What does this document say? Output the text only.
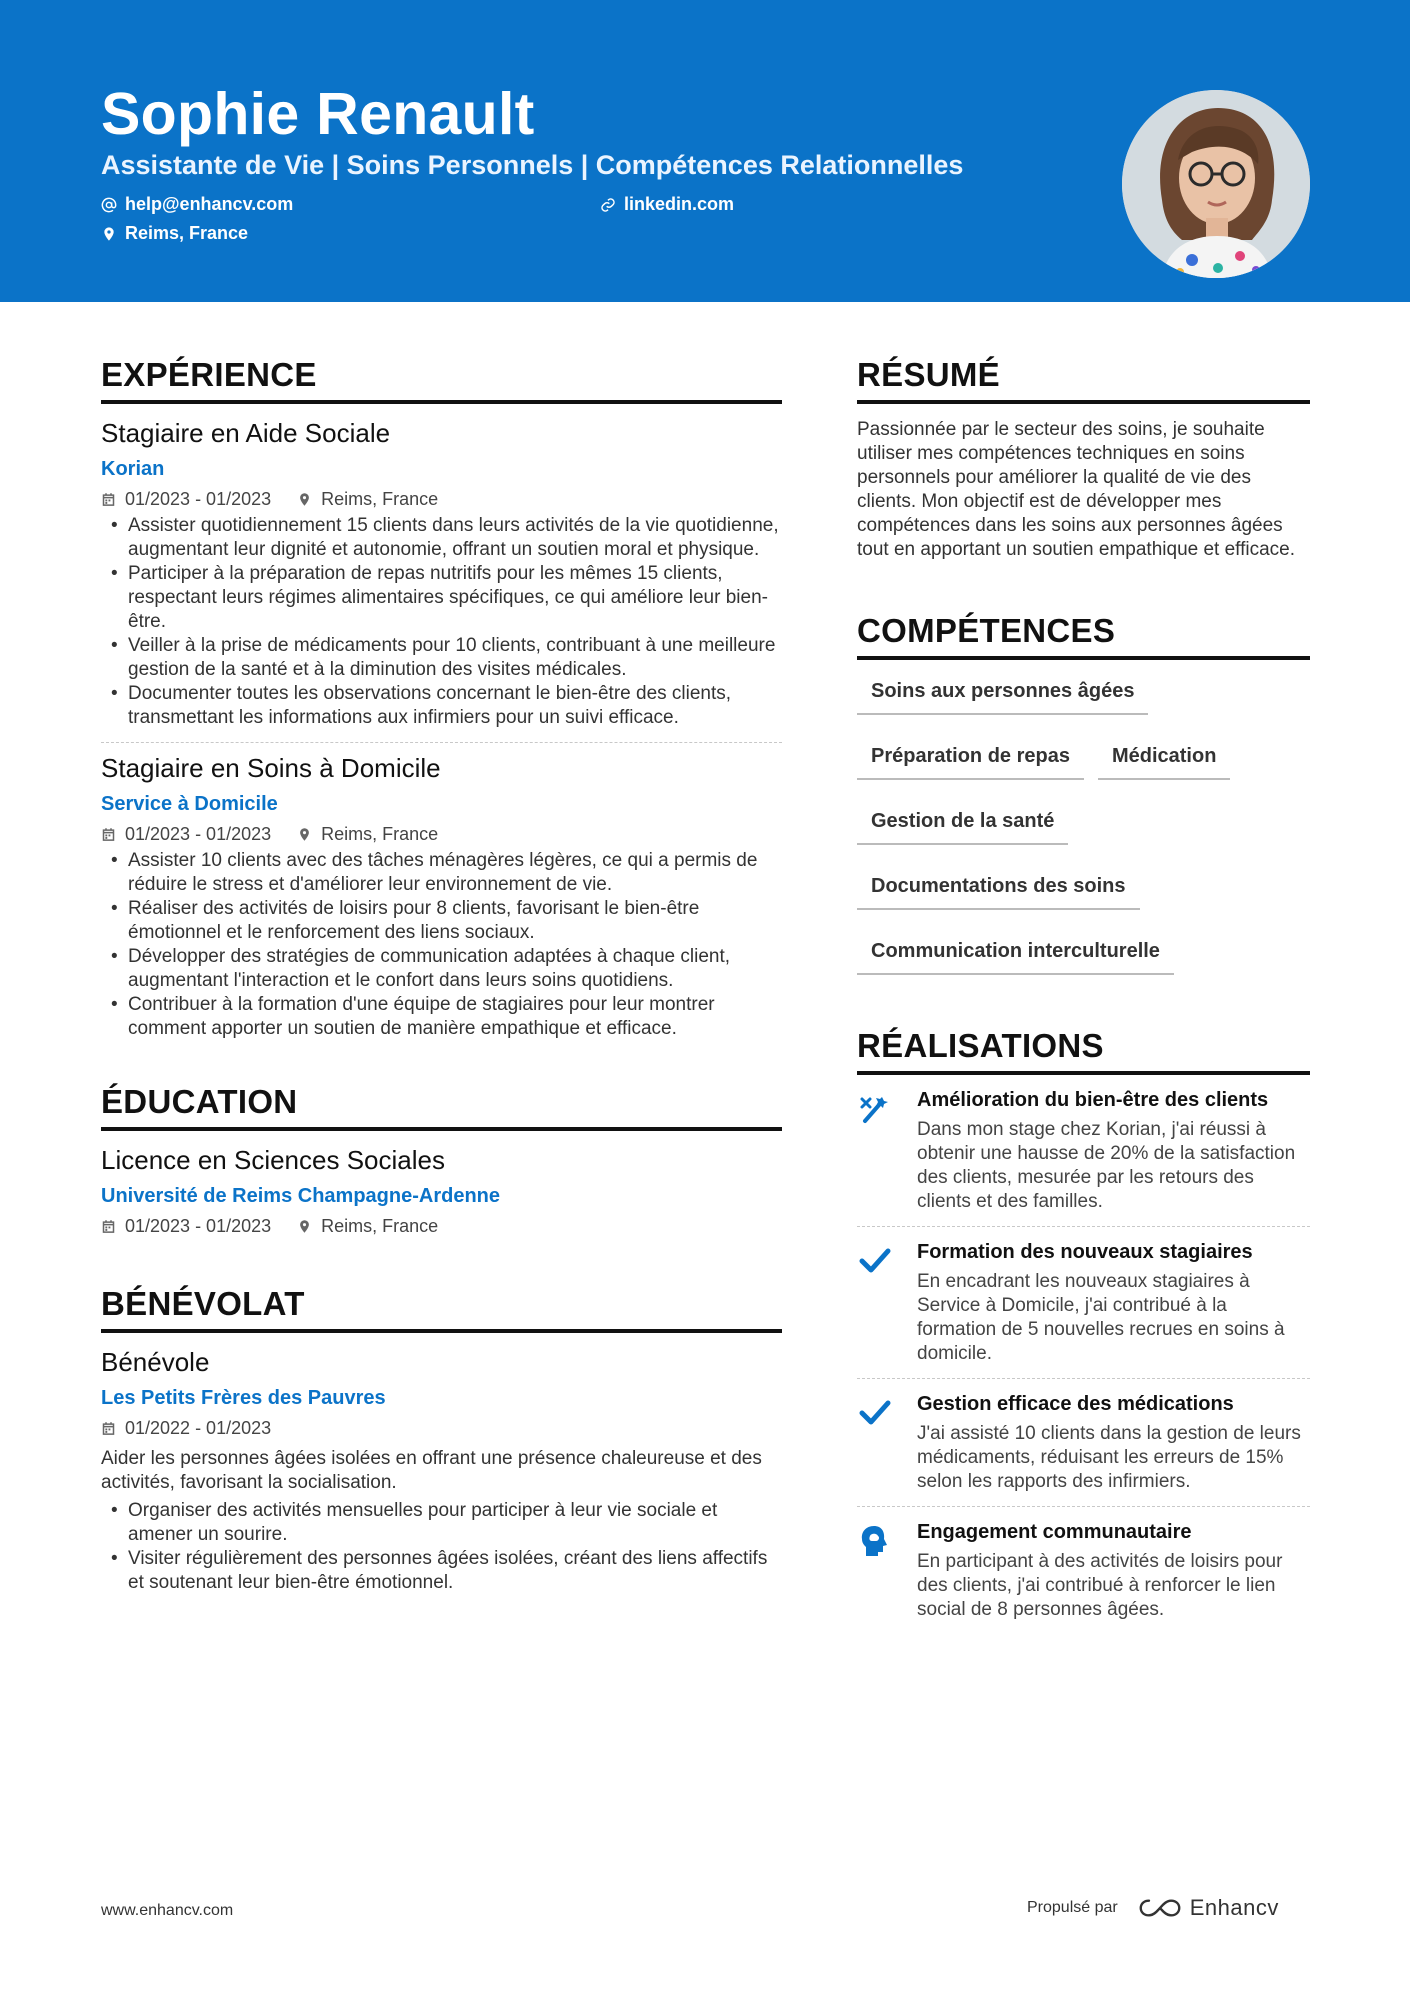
Sophie Renault
Assistante de Vie | Soins Personnels | Compétences Relationnelles
help@enhancv.com	linkedin.com
Reims, France
EXPÉRIENCE
Stagiaire en Aide Sociale
Korian
01/2023 - 01/2023	Reims, France
• Assister quotidiennement 15 clients dans leurs activités de la vie quotidienne, augmentant leur dignité et autonomie, offrant un soutien moral et physique.
• Participer à la préparation de repas nutritifs pour les mêmes 15 clients, respectant leurs régimes alimentaires spécifiques, ce qui améliore leur bien-être.
• Veiller à la prise de médicaments pour 10 clients, contribuant à une meilleure gestion de la santé et à la diminution des visites médicales.
• Documenter toutes les observations concernant le bien-être des clients, transmettant les informations aux infirmiers pour un suivi efficace.
Stagiaire en Soins à Domicile
Service à Domicile
01/2023 - 01/2023	Reims, France
• Assister 10 clients avec des tâches ménagères légères, ce qui a permis de réduire le stress et d'améliorer leur environnement de vie.
• Réaliser des activités de loisirs pour 8 clients, favorisant le bien-être émotionnel et le renforcement des liens sociaux.
• Développer des stratégies de communication adaptées à chaque client, augmentant l'interaction et le confort dans leurs soins quotidiens.
• Contribuer à la formation d'une équipe de stagiaires pour leur montrer comment apporter un soutien de manière empathique et efficace.
ÉDUCATION
Licence en Sciences Sociales
Université de Reims Champagne-Ardenne
01/2023 - 01/2023	Reims, France
BÉNÉVOLAT
Bénévole
Les Petits Frères des Pauvres
01/2022 - 01/2023
Aider les personnes âgées isolées en offrant une présence chaleureuse et des activités, favorisant la socialisation.
• Organiser des activités mensuelles pour participer à leur vie sociale et amener un sourire.
• Visiter régulièrement des personnes âgées isolées, créant des liens affectifs et soutenant leur bien-être émotionnel.
RÉSUMÉ
Passionnée par le secteur des soins, je souhaite utiliser mes compétences techniques en soins personnels pour améliorer la qualité de vie des clients. Mon objectif est de développer mes compétences dans les soins aux personnes âgées tout en apportant un soutien empathique et efficace.
COMPÉTENCES
Soins aux personnes âgées
Préparation de repas	Médication
Gestion de la santé
Documentations des soins
Communication interculturelle
RÉALISATIONS
Amélioration du bien-être des clients
Dans mon stage chez Korian, j'ai réussi à obtenir une hausse de 20% de la satisfaction des clients, mesurée par les retours des clients et des familles.
Formation des nouveaux stagiaires
En encadrant les nouveaux stagiaires à Service à Domicile, j'ai contribué à la formation de 5 nouvelles recrues en soins à domicile.
Gestion efficace des médications
J'ai assisté 10 clients dans la gestion de leurs médicaments, réduisant les erreurs de 15% selon les rapports des infirmiers.
Engagement communautaire
En participant à des activités de loisirs pour des clients, j'ai contribué à renforcer le lien social de 8 personnes âgées.
www.enhancv.com	Propulsé par	Enhancv
